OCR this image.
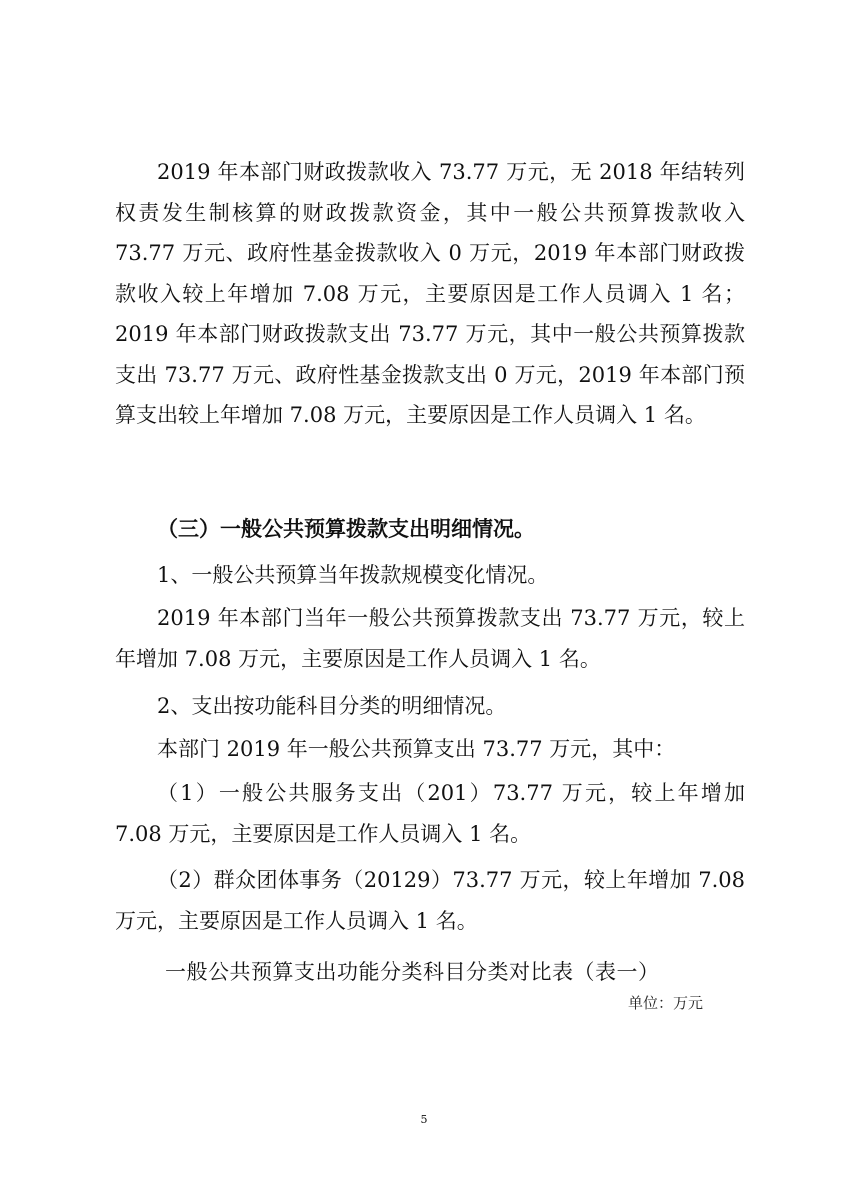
2019 年本部门财政拨款收入 73.77 万元，无 2018 年结转列权责发生制核算的财政拨款资金，其中一般公共预算拨款收入 73.77 万元、政府性基金拨款收入 0 万元，2019 年本部门财政拨款收入较上年增加 7.08 万元，主要原因是工作人员调入 1 名；2019 年本部门财政拨款支出 73.77 万元，其中一般公共预算拨款支出 73.77 万元、政府性基金拨款支出 0 万元，2019 年本部门预算支出较上年增加 7.08 万元，主要原因是工作人员调入 1 名。

（三）一般公共预算拨款支出明细情况。

1、一般公共预算当年拨款规模变化情况。

2019 年本部门当年一般公共预算拨款支出 73.77 万元，较上年增加 7.08 万元，主要原因是工作人员调入 1 名。

2、支出按功能科目分类的明细情况。

本部门 2019 年一般公共预算支出 73.77 万元，其中：

（1）一般公共服务支出（201）73.77 万元，较上年增加 7.08 万元，主要原因是工作人员调入 1 名。

（2）群众团体事务（20129）73.77 万元，较上年增加 7.08 万元，主要原因是工作人员调入 1 名。

一般公共预算支出功能分类科目分类对比表（表一）
单位：万元
5
